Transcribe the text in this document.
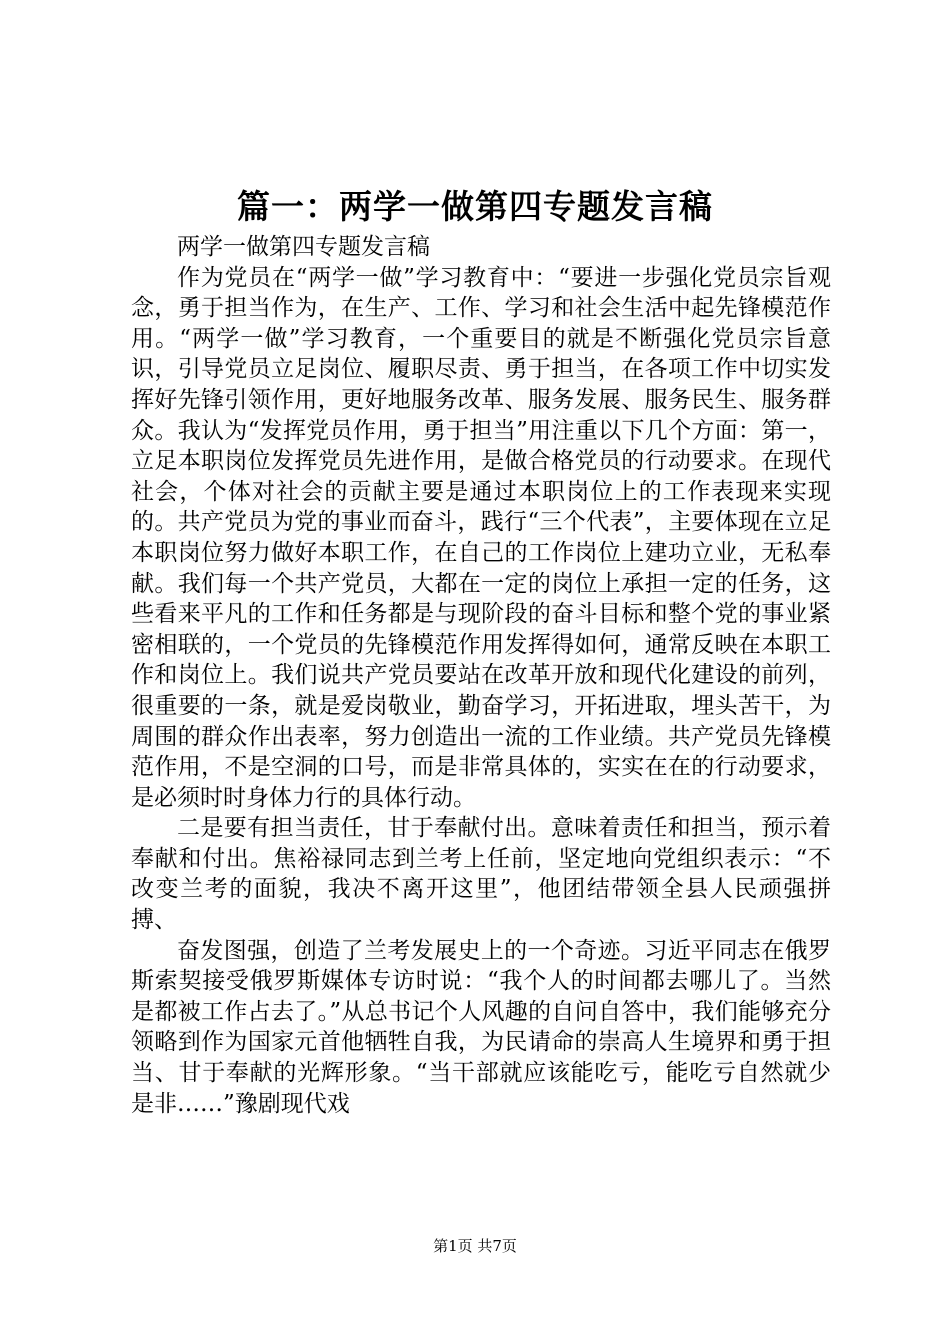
篇一：两学一做第四专题发言稿

两学一做第四专题发言稿

作为党员在“两学一做”学习教育中：“要进一步强化党员宗旨观念，勇于担当作为，在生产、工作、学习和社会生活中起先锋模范作用。“两学一做”学习教育，一个重要目的就是不断强化党员宗旨意识，引导党员立足岗位、履职尽责、勇于担当，在各项工作中切实发挥好先锋引领作用，更好地服务改革、服务发展、服务民生、服务群众。我认为“发挥党员作用，勇于担当”用注重以下几个方面：第一，立足本职岗位发挥党员先进作用，是做合格党员的行动要求。在现代社会，个体对社会的贡献主要是通过本职岗位上的工作表现来实现的。共产党员为党的事业而奋斗，践行“三个代表”，主要体现在立足本职岗位努力做好本职工作，在自己的工作岗位上建功立业，无私奉献。我们每一个共产党员，大都在一定的岗位上承担一定的任务，这些看来平凡的工作和任务都是与现阶段的奋斗目标和整个党的事业紧密相联的，一个党员的先锋模范作用发挥得如何，通常反映在本职工作和岗位上。我们说共产党员要站在改革开放和现代化建设的前列，很重要的一条，就是爱岗敬业，勤奋学习，开拓进取，埋头苦干，为周围的群众作出表率，努力创造出一流的工作业绩。共产党员先锋模范作用，不是空洞的口号，而是非常具体的，实实在在的行动要求，是必须时时身体力行的具体行动。

二是要有担当责任，甘于奉献付出。意味着责任和担当，预示着奉献和付出。焦裕禄同志到兰考上任前，坚定地向党组织表示：“不改变兰考的面貌，我决不离开这里”，他团结带领全县人民顽强拼搏、

奋发图强，创造了兰考发展史上的一个奇迹。习近平同志在俄罗斯索契接受俄罗斯媒体专访时说：“我个人的时间都去哪儿了。当然是都被工作占去了。”从总书记个人风趣的自问自答中，我们能够充分领略到作为国家元首他牺牲自我，为民请命的崇高人生境界和勇于担当、甘于奉献的光辉形象。“当干部就应该能吃亏，能吃亏自然就少是非……”豫剧现代戏

第1页 共7页
